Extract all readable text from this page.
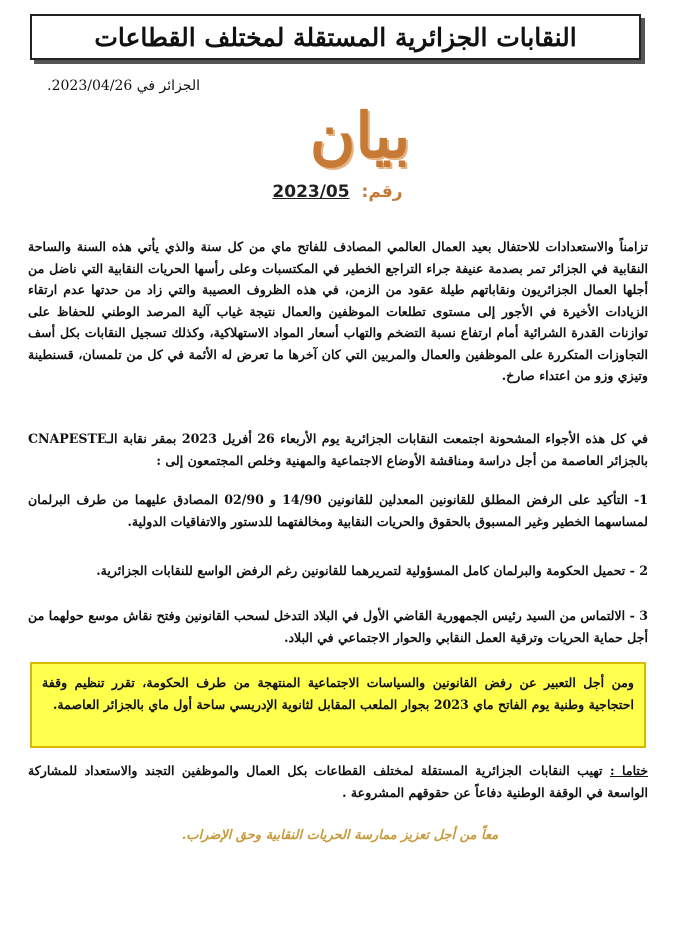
النقابات الجزائرية المستقلة لمختلف القطاعات
الجزائر في 2023/04/26.
بيان
رقم: 2023/05
تزامناً والاستعدادات للاحتفال بعيد العمال العالمي المصادف للفاتح ماي من كل سنة والذي يأتي هذه السنة والساحة النقابية في الجزائر تمر بصدمة عنيفة جراء التراجع الخطير في المكتسبات وعلى رأسها الحريات النقابية التي ناضل من أجلها العمال الجزائريون ونقاباتهم طيلة عقود من الزمن، في هذه الظروف العصيبة والتي زاد من حدتها عدم ارتقاء الزيادات الأخيرة في الأجور إلى مستوى تطلعات الموظفين والعمال نتيجة غياب آلية المرصد الوطني للحفاظ على توازنات القدرة الشرائية أمام ارتفاع نسبة التضخم والتهاب أسعار المواد الاستهلاكية، وكذلك تسجيل النقابات بكل أسف التجاوزات المتكررة على الموظفين والعمال والمربين التي كان آخرها ما تعرض له الأئمة في كل من تلمسان، قسنطينة وتيزي وزو من اعتداء صارخ.
في كل هذه الأجواء المشحونة اجتمعت النقابات الجزائرية يوم الأربعاء 26 أفريل 2023 بمقر نقابة الـCNAPESTE بالجزائر العاصمة من أجل دراسة ومناقشة الأوضاع الاجتماعية والمهنية وخلص المجتمعون إلى :
1- التأكيد على الرفض المطلق للقانونين المعدلين للقانونين 14/90 و 02/90 المصادق عليهما من طرف البرلمان لمساسهما الخطير وغير المسبوق بالحقوق والحريات النقابية ومخالفتهما للدستور والاتفاقيات الدولية.
2 - تحميل الحكومة والبرلمان كامل المسؤولية لتمريرهما للقانونين رغم الرفض الواسع للنقابات الجزائرية.
3 - الالتماس من السيد رئيس الجمهورية القاضي الأول في البلاد التدخل لسحب القانونين وفتح نقاش موسع حولهما من أجل حماية الحريات وترقية العمل النقابي والحوار الاجتماعي في البلاد.
ومن أجل التعبير عن رفض القانونين والسياسات الاجتماعية المنتهجة من طرف الحكومة، تقرر تنظيم وقفة احتجاجية وطنية يوم الفاتح ماي 2023 بجوار الملعب المقابل لثانوية الإدريسي ساحة أول ماي بالجزائر العاصمة.
ختاما : تهيب النقابات الجزائرية المستقلة لمختلف القطاعات بكل العمال والموظفين التجند والاستعداد للمشاركة الواسعة في الوقفة الوطنية دفاعاً عن حقوقهم المشروعة .
معاً من أجل تعزيز ممارسة الحريات النقابية وحق الإضراب.
